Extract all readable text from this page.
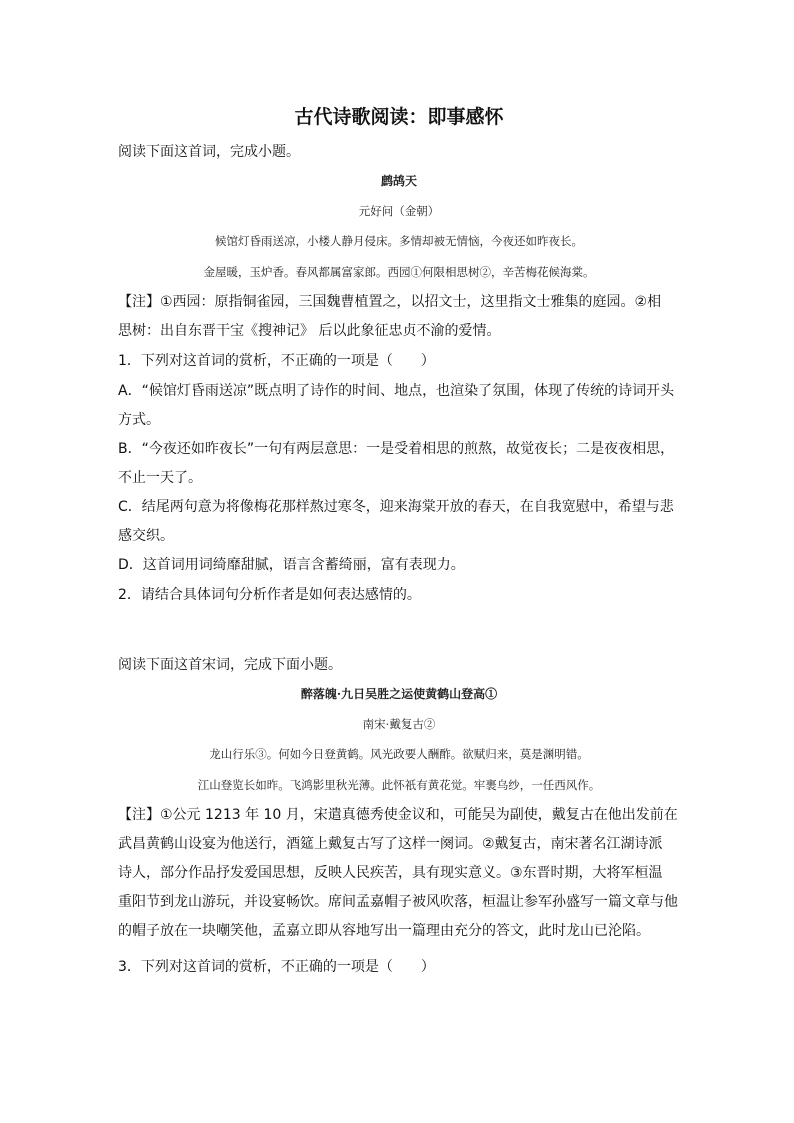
古代诗歌阅读：即事感怀

阅读下面这首词，完成小题。

鹧鸪天

元好问（金朝）

候馆灯昏雨送凉，小楼人静月侵床。多情却被无情恼，今夜还如昨夜长。

金屋暖，玉炉香。春风都属富家郎。西园①何限相思树②，辛苦梅花候海棠。

【注】①西园：原指铜雀园，三国魏曹植置之，以招文士，这里指文士雅集的庭园。②相

思树：出自东晋干宝《搜神记》 后以此象征忠贞不渝的爱情。

1．下列对这首词的赏析，不正确的一项是（　　）

A．“候馆灯昏雨送凉”既点明了诗作的时间、地点，也渲染了氛围，体现了传统的诗词开头

方式。

B．“今夜还如昨夜长”一句有两层意思：一是受着相思的煎熬，故觉夜长；二是夜夜相思，

不止一天了。

C．结尾两句意为将像梅花那样熬过寒冬，迎来海棠开放的春天，在自我宽慰中，希望与悲

感交织。

D．这首词用词绮靡甜腻，语言含蓄绮丽，富有表现力。

2．请结合具体词句分析作者是如何表达感情的。

阅读下面这首宋词，完成下面小题。

醉落魄·九日吴胜之运使黄鹤山登高①

南宋·戴复古②

龙山行乐③。何如今日登黄鹤。风光政要人酬酢。欲赋归来，莫是渊明错。

江山登览长如昨。飞鸿影里秋光薄。此怀祇有黄花觉。牢裹乌纱，一任西风作。

【注】①公元 1213 年 10 月，宋遣真德秀使金议和，可能吴为副使，戴复古在他出发前在

武昌黄鹤山设宴为他送行，酒筵上戴复古写了这样一阕词。②戴复古，南宋著名江湖诗派

诗人，部分作品抒发爱国思想，反映人民疾苦，具有现实意义。③东晋时期，大将军桓温

重阳节到龙山游玩，并设宴畅饮。席间孟嘉帽子被风吹落，桓温让参军孙盛写一篇文章与他

的帽子放在一块嘲笑他，孟嘉立即从容地写出一篇理由充分的答文，此时龙山已沦陷。

3．下列对这首词的赏析，不正确的一项是（　　）
